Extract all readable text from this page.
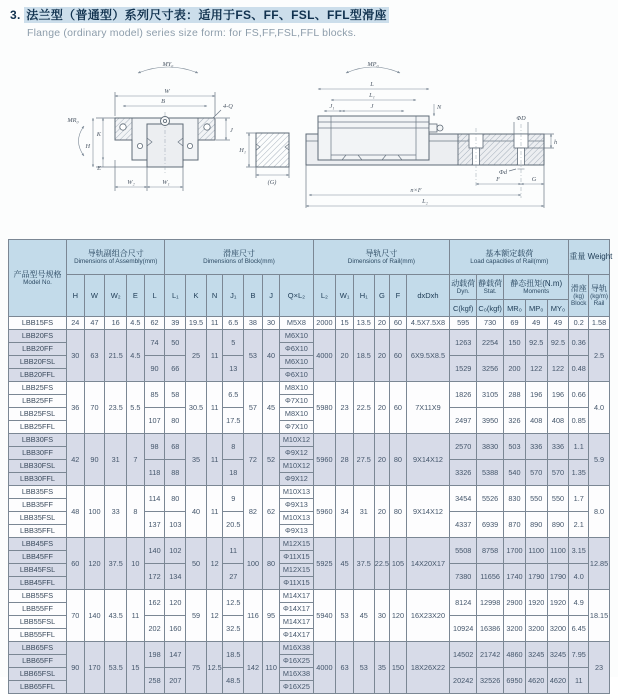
3. 法兰型（普通型）系列尺寸表：适用于FS、FF、FSL、FFL型滑座
Flange (ordinary model) series size form: for FS,FF,FSL,FFL blocks.
MY₀
W
B
4-Q
J
MR₀
H
K
E
W₂	W₁
H₁
(G)
MP₀
L
L₁
J₁	J	N
ΦD
h
Φd
F	G
n×F
L₂
产品型号规格
Model No.

导轨副组合尺寸
Dimensions of Assembly(mm)

滑座尺寸
Dimensions of Block(mm)

导轨尺寸
Dimensions of Rail(mm)

基本额定载荷
Load capacities of Rail(mm)

重量 Weight

H	W	W₂	E	L	L₁	K	N	J₁	B	J	Q×L₂	L₂	W₁	H₁	G	F	dxDxh

动载荷
Dyn.

静载荷
Stat.

静态扭矩(N.m)
Moments	滑座
(kg)
Block

导轨
(kg/m)
Rail

																			C(kgf)	C₀(kgf)	MR₀	MP₀	MY₀		

LBB15FS	24	47	16	4.5	62	39	19.5	11	6.5	38	30	M5X8	2000	15	13.5	20	60	4.5X7.5X8	595	730	69	49	49	0.2	1.58
LBB20FS	30	63	21.5	4.5	74	50	25	11	5	53	40	M6X10	4000	20	18.5	20	60	6X9.5X8.5	1263	2254	150	92.5	92.5	0.36	2.5
LBB20FF												Φ6X10													
LBB20FSL					90	66			13			M6X10							1529	3256	200	122	122	0.48	
LBB20FFL												Φ6X10													
LBB25FS	36	70	23.5	5.5	85	58	30.5	11	6.5	57	45	M8X10	5980	23	22.5	20	60	7X11X9	1826	3105	288	196	196	0.66	4.0
LBB25FF												Φ7X10													
LBB25FSL					107	80			17.5			M8X10							2497	3950	326	408	408	0.85	
LBB25FFL												Φ7X10													
LBB30FS	42	90	31	7	98	68	35	11	8	72	52	M10X12	5960	28	27.5	20	80	9X14X12	2570	3830	503	336	336	1.1	5.9
LBB30FF												Φ9X12													
LBB30FSL					118	88			18			M10X12							3326	5388	540	570	570	1.35	
LBB30FFL												Φ9X12													
LBB35FS	48	100	33	8	114	80	40	11	9	82	62	M10X13	5960	34	31	20	80	9X14X12	3454	5526	830	550	550	1.7	8.0
LBB35FF												Φ9X13													
LBB35FSL					137	103			20.5			M10X13							4337	6939	870	890	890	2.1	
LBB35FFL												Φ9X13													
LBB45FS	60	120	37.5	10	140	102	50	12	11	100	80	M12X15	5925	45	37.5	22.5	105	14X20X17	5508	8758	1700	1100	1100	3.15	12.85
LBB45FF												Φ11X15													
LBB45FSL					172	134			27			M12X15							7380	11656	1740	1790	1790	4.0	
LBB45FFL												Φ11X15													
LBB55FS	70	140	43.5	11	162	120	59	12	12.5	116	95	M14X17	5940	53	45	30	120	16X23X20	8124	12998	2900	1920	1920	4.9	18.15
LBB55FF												Φ14X17													
LBB55FSL					202	160			32.5			M14X17							10924	16386	3200	3200	3200	6.45	
LBB55FFL												Φ14X17													
LBB65FS	90	170	53.5	15	198	147	75	12.5	18.5	142	110	M16X38	4000	63	53	35	150	18X26X22	14502	21742	4860	3245	3245	7.95	23
LBB65FF												Φ16X25													
LBB65FSL					258	207			48.5			M16X38							20242	32526	6950	4620	4620	11	
LBB65FFL												Φ16X25													
